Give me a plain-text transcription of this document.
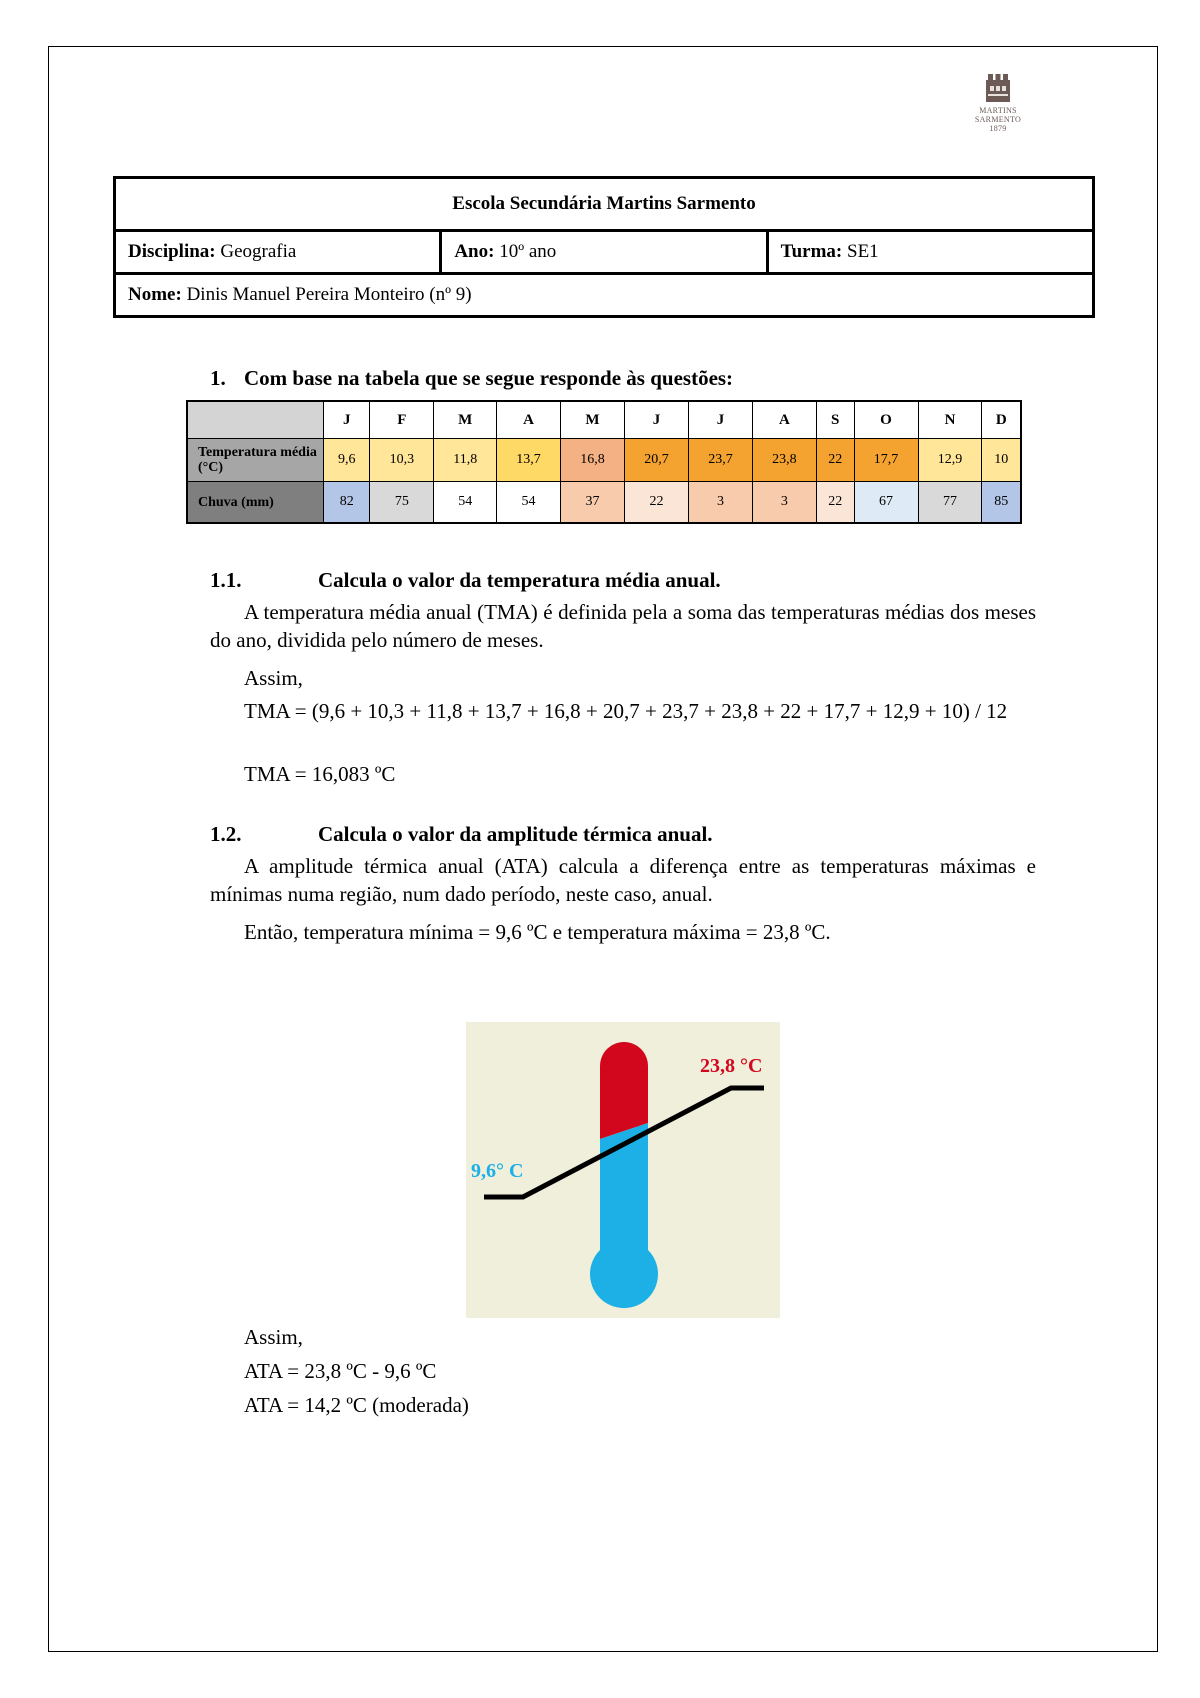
MARTINS
SARMENTO
1879
Escola Secundária Martins Sarmento
Disciplina: Geografia	Ano: 10º ano	Turma: SE1
Nome: Dinis Manuel Pereira Monteiro (nº 9)
1. Com base na tabela que se segue responde às questões:
	J	F	M	A	M	J	J	A	S	O	N	D
Temperatura média (°C)	9,6	10,3	11,8	13,7	16,8	20,7	23,7	23,8	22	17,7	12,9	10
Chuva (mm)	82	75	54	54	37	22	3	3	22	67	77	85
1.1.	Calcula o valor da temperatura média anual.
A temperatura média anual (TMA) é definida pela a soma das temperaturas médias dos meses do ano, dividida pelo número de meses.
Assim,
TMA = (9,6 + 10,3 + 11,8 + 13,7 + 16,8 + 20,7 + 23,7 + 23,8 + 22 + 17,7 + 12,9 + 10) / 12
TMA = 16,083 ºC
1.2.	Calcula o valor da amplitude térmica anual.
A amplitude térmica anual (ATA) calcula a diferença entre as temperaturas máximas e mínimas numa região, num dado período, neste caso, anual.
Então, temperatura mínima = 9,6 ºC e temperatura máxima = 23,8 ºC.
23,8 °C
9,6° C
Assim,
ATA = 23,8 ºC - 9,6 ºC
ATA = 14,2 ºC (moderada)
